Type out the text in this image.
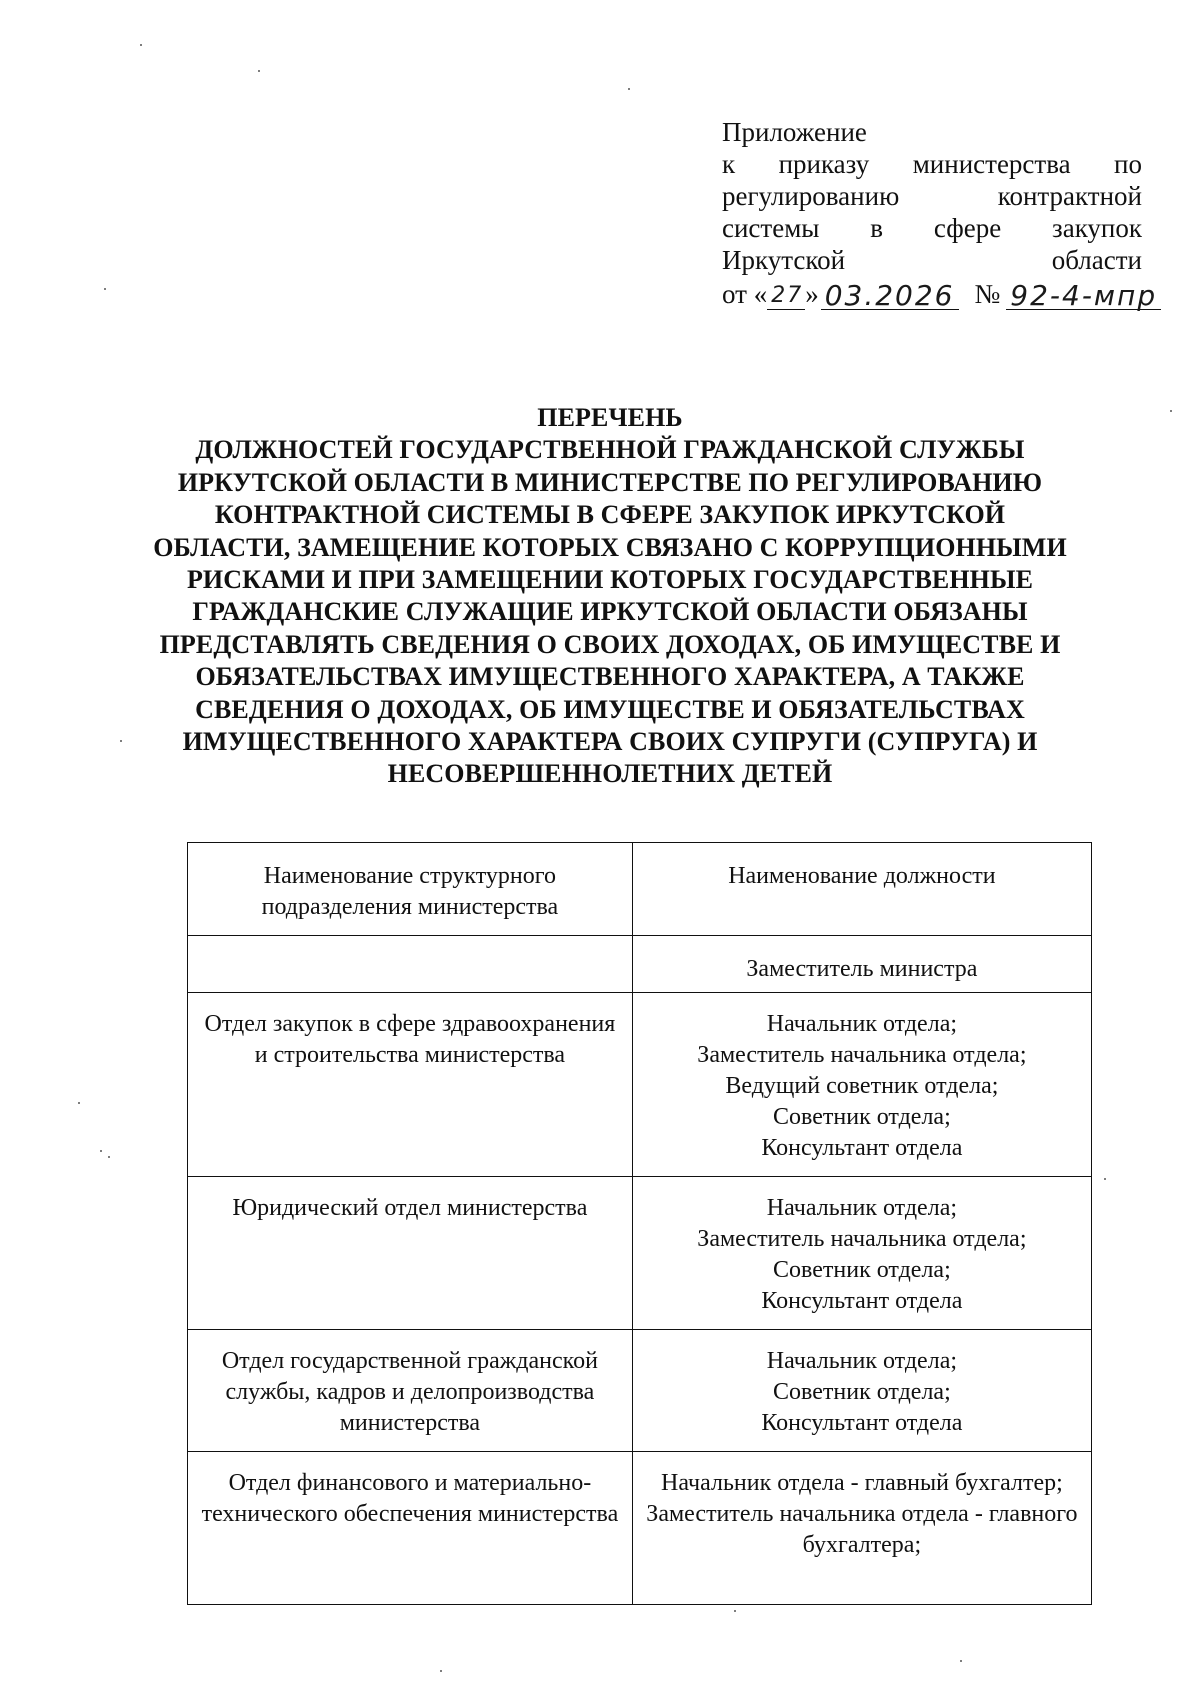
Приложение
к приказу министерства по
регулированию контрактной
системы в сфере закупок
Иркутской области
от « 27 » 03.2026 № 92-4-мпр
ПЕРЕЧЕНЬ
ДОЛЖНОСТЕЙ ГОСУДАРСТВЕННОЙ ГРАЖДАНСКОЙ СЛУЖБЫ ИРКУТСКОЙ ОБЛАСТИ В МИНИСТЕРСТВЕ ПО РЕГУЛИРОВАНИЮ КОНТРАКТНОЙ СИСТЕМЫ В СФЕРЕ ЗАКУПОК ИРКУТСКОЙ ОБЛАСТИ, ЗАМЕЩЕНИЕ КОТОРЫХ СВЯЗАНО С КОРРУПЦИОННЫМИ РИСКАМИ И ПРИ ЗАМЕЩЕНИИ КОТОРЫХ ГОСУДАРСТВЕННЫЕ ГРАЖДАНСКИЕ СЛУЖАЩИЕ ИРКУТСКОЙ ОБЛАСТИ ОБЯЗАНЫ ПРЕДСТАВЛЯТЬ СВЕДЕНИЯ О СВОИХ ДОХОДАХ, ОБ ИМУЩЕСТВЕ И ОБЯЗАТЕЛЬСТВАХ ИМУЩЕСТВЕННОГО ХАРАКТЕРА, А ТАКЖЕ СВЕДЕНИЯ О ДОХОДАХ, ОБ ИМУЩЕСТВЕ И ОБЯЗАТЕЛЬСТВАХ ИМУЩЕСТВЕННОГО ХАРАКТЕРА СВОИХ СУПРУГИ (СУПРУГА) И НЕСОВЕРШЕННОЛЕТНИХ ДЕТЕЙ
Наименование структурного подразделения министерства	Наименование должности

	Заместитель министра

Отдел закупок в сфере здравоохранения и строительства министерства	Начальник отдела;
Заместитель начальника отдела;
Ведущий советник отдела;
Советник отдела;
Консультант отдела

Юридический отдел министерства	Начальник отдела;
Заместитель начальника отдела;
Советник отдела;
Консультант отдела

Отдел государственной гражданской службы, кадров и делопроизводства министерства	Начальник отдела;
Советник отдела;
Консультант отдела

Отдел финансового и материально-технического обеспечения министерства	Начальник отдела - главный бухгалтер;
Заместитель начальника отдела - главного бухгалтера;
